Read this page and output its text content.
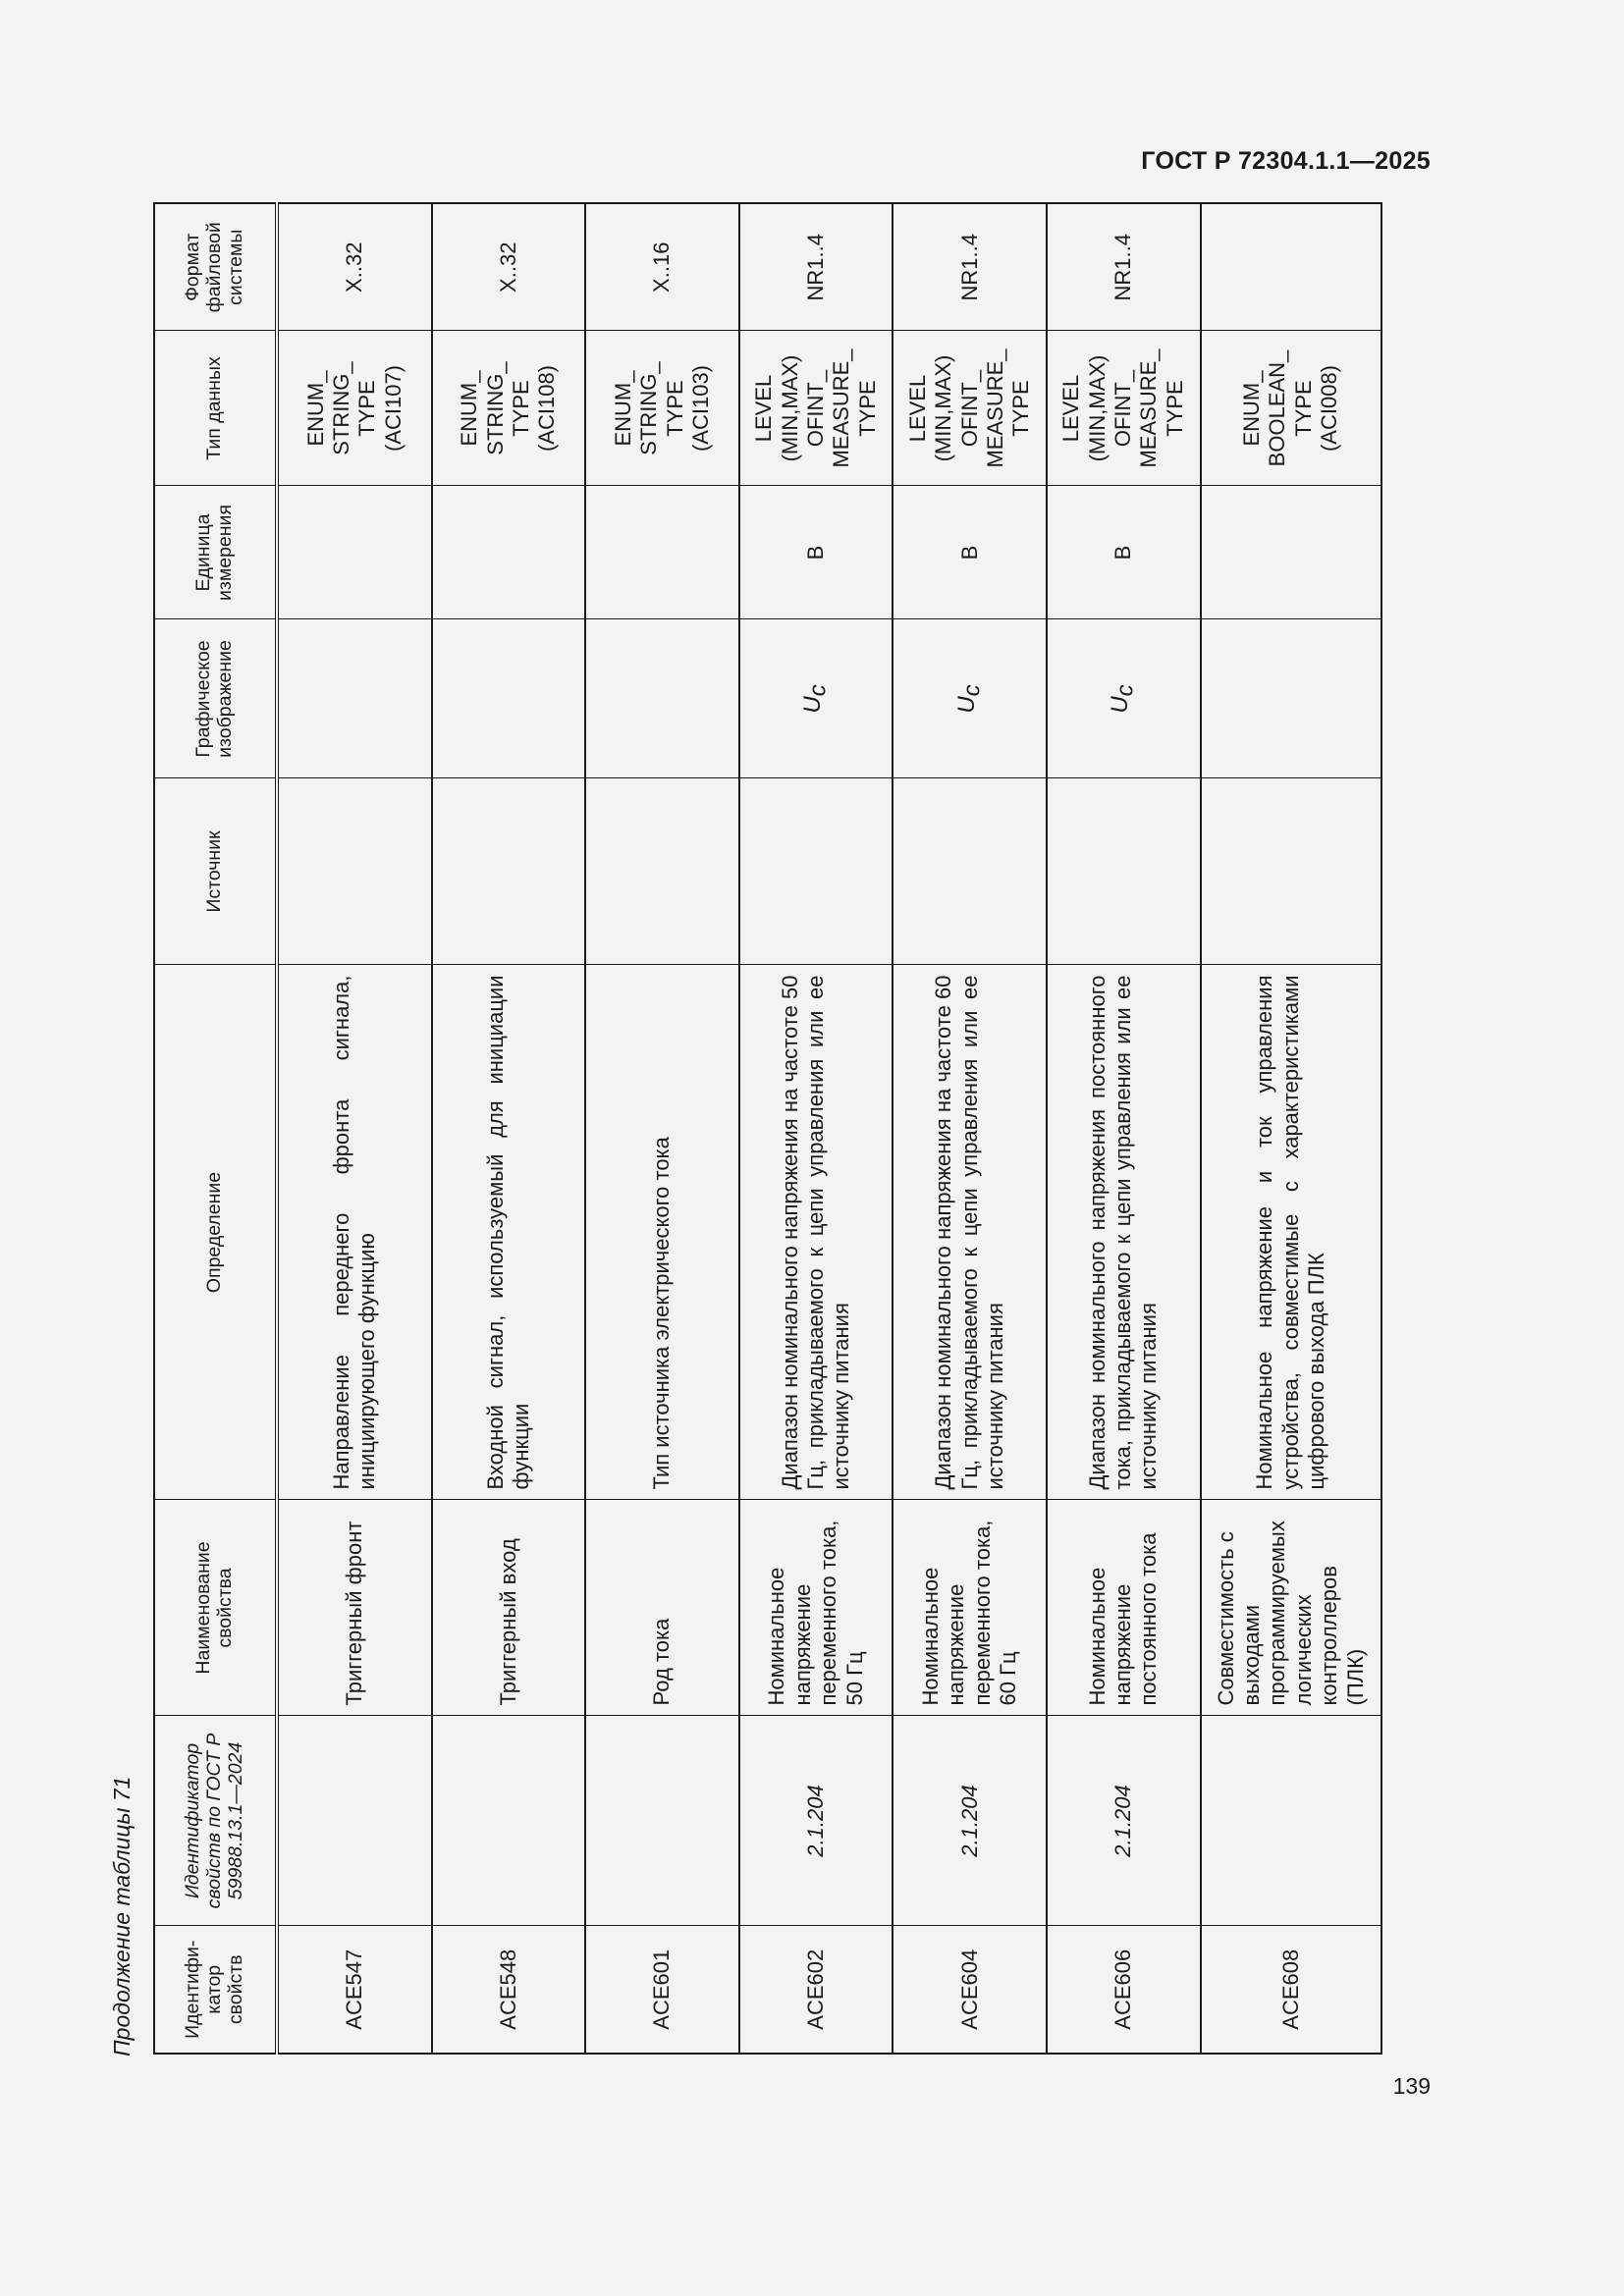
ГОСТ Р 72304.1.1—2025
Продолжение таблицы 71 Идентифи-катор свойств	Идентификатор свойств по ГОСТ Р 59988.13.1—2024	Наименование свойства	Определение	Источник	Графическое изображение	Единица измерения	Тип данных	Формат файловой системы
ACE547		Триггерный фронт	Направление переднего фронта сигнала, инициирующего функцию				ENUM_ STRING_ TYPE (ACI107)	X..32
ACE548		Триггерный вход	Входной сигнал, используемый для инициации функции				ENUM_ STRING_ TYPE (ACI108)	X..32
ACE601		Род тока	Тип источника электрического тока				ENUM_ STRING_ TYPE (ACI103)	X..16
ACE602	2.1.204	Номинальное напряжение переменного тока, 50 Гц	Диапазон номинального напряжения на частоте 50 Гц, прикладываемого к цепи управления или ее источнику питания		$U_c$	В	LEVEL (MIN,MAX) OFINT_ MEASURE_ TYPE	NR1..4
ACE604	2.1.204	Номинальное напряжение переменного тока, 60 Гц	Диапазон номинального напряжения на частоте 60 Гц, прикладываемого к цепи управления или ее источнику питания		$U_c$	В	LEVEL (MIN,MAX) OFINT_ MEASURE_ TYPE	NR1..4
ACE606	2.1.204	Номинальное напряжение постоянного тока	Диапазон номинального напряжения постоянного тока, прикладываемого к цепи управления или ее источнику питания		$U_c$	В	LEVEL (MIN,MAX) OFINT_ MEASURE_ TYPE	NR1..4
ACE608		Совместимость с выходами программируемых логических контроллеров (ПЛК)	Номинальное напряжение и ток управления устройства, совместимые с характеристиками цифрового выхода ПЛК				ENUM_ BOOLEAN_ TYPE (ACI008)	
139
